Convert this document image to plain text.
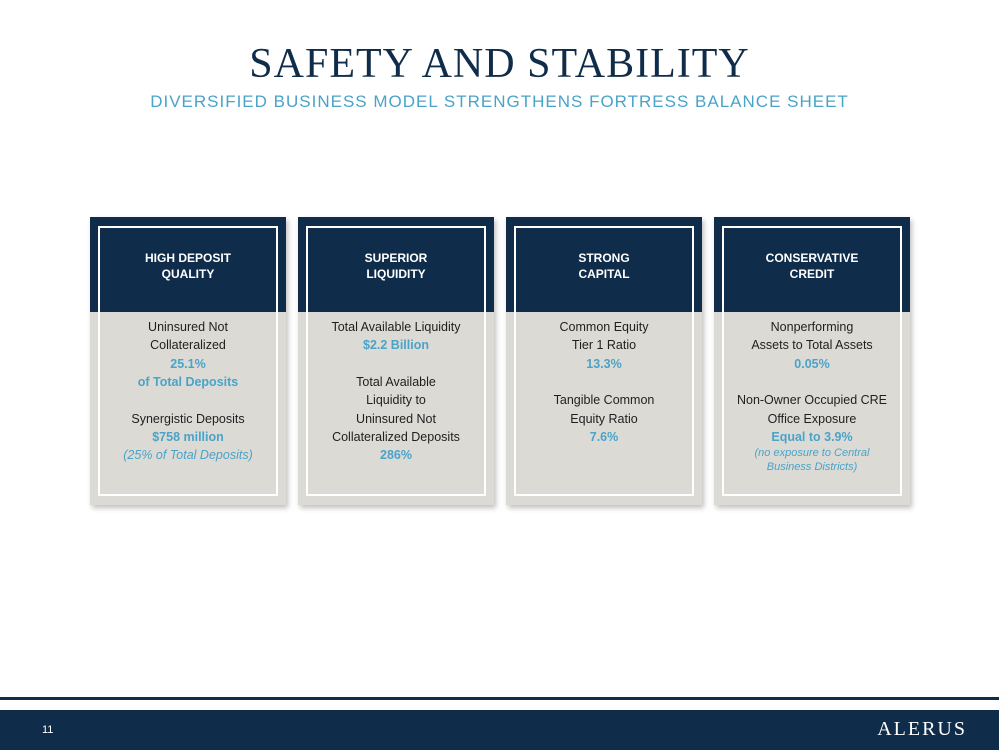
SAFETY AND STABILITY
DIVERSIFIED BUSINESS MODEL STRENGTHENS FORTRESS BALANCE SHEET
HIGH DEPOSIT
QUALITY
Uninsured Not
Collateralized
25.1%
of Total Deposits
Synergistic Deposits
$758 million
(25% of Total Deposits)
SUPERIOR
LIQUIDITY
Total Available Liquidity
$2.2 Billion
Total Available
Liquidity to
Uninsured Not
Collateralized Deposits
286%
STRONG
CAPITAL
Common Equity
Tier 1 Ratio
13.3%
Tangible Common
Equity Ratio
7.6%
CONSERVATIVE
CREDIT
Nonperforming
Assets to Total Assets
0.05%
Non-Owner Occupied CRE
Office Exposure
Equal to 3.9%
(no exposure to Central
Business Districts)
11	ALERUS
